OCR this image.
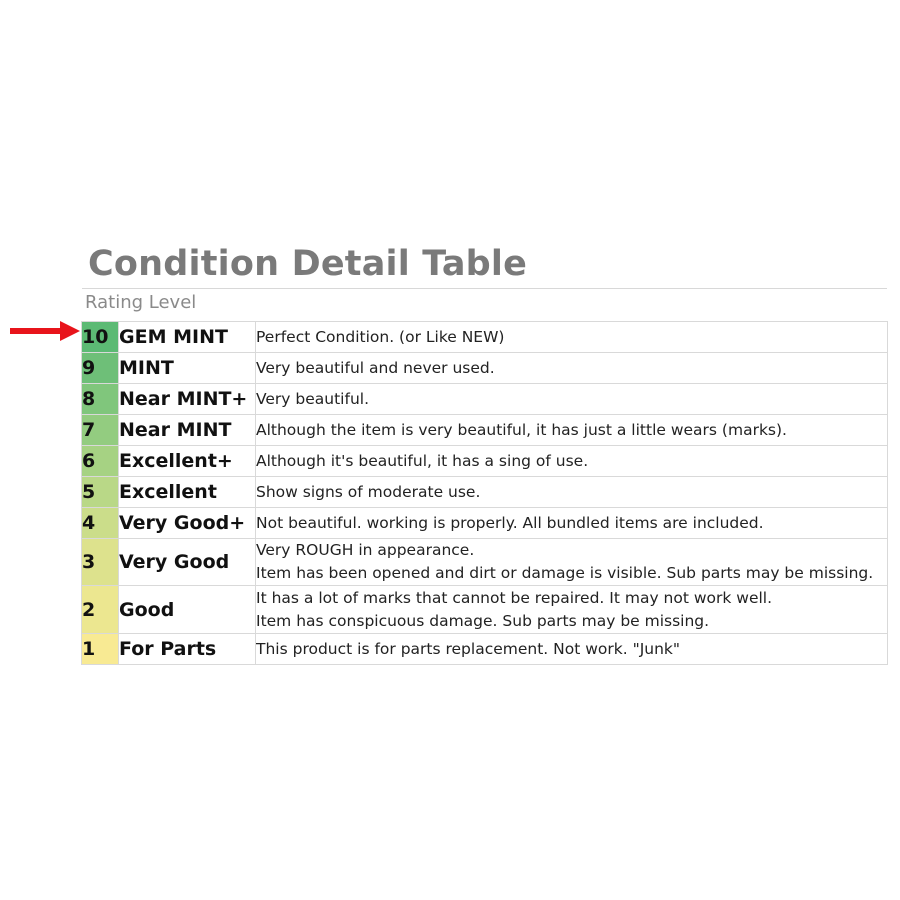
Condition Detail Table
Rating Level
10	GEM MINT	Perfect Condition. (or Like NEW)

9	MINT	Very beautiful and never used.

8	Near MINT+	Very beautiful.

7	Near MINT	Although the item is very beautiful, it has just a little wears (marks).

6	Excellent+	Although it's beautiful, it has a sing of use.

5	Excellent	Show signs of moderate use.

4	Very Good+	Not beautiful. working is properly. All bundled items are included.

3	Very Good	Very ROUGH in appearance.
Item has been opened and dirt or damage is visible. Sub parts may be missing.

2	Good	It has a lot of marks that cannot be repaired. It may not work well.
Item has conspicuous damage. Sub parts may be missing.

1	For Parts	This product is for parts replacement. Not work. "Junk"
